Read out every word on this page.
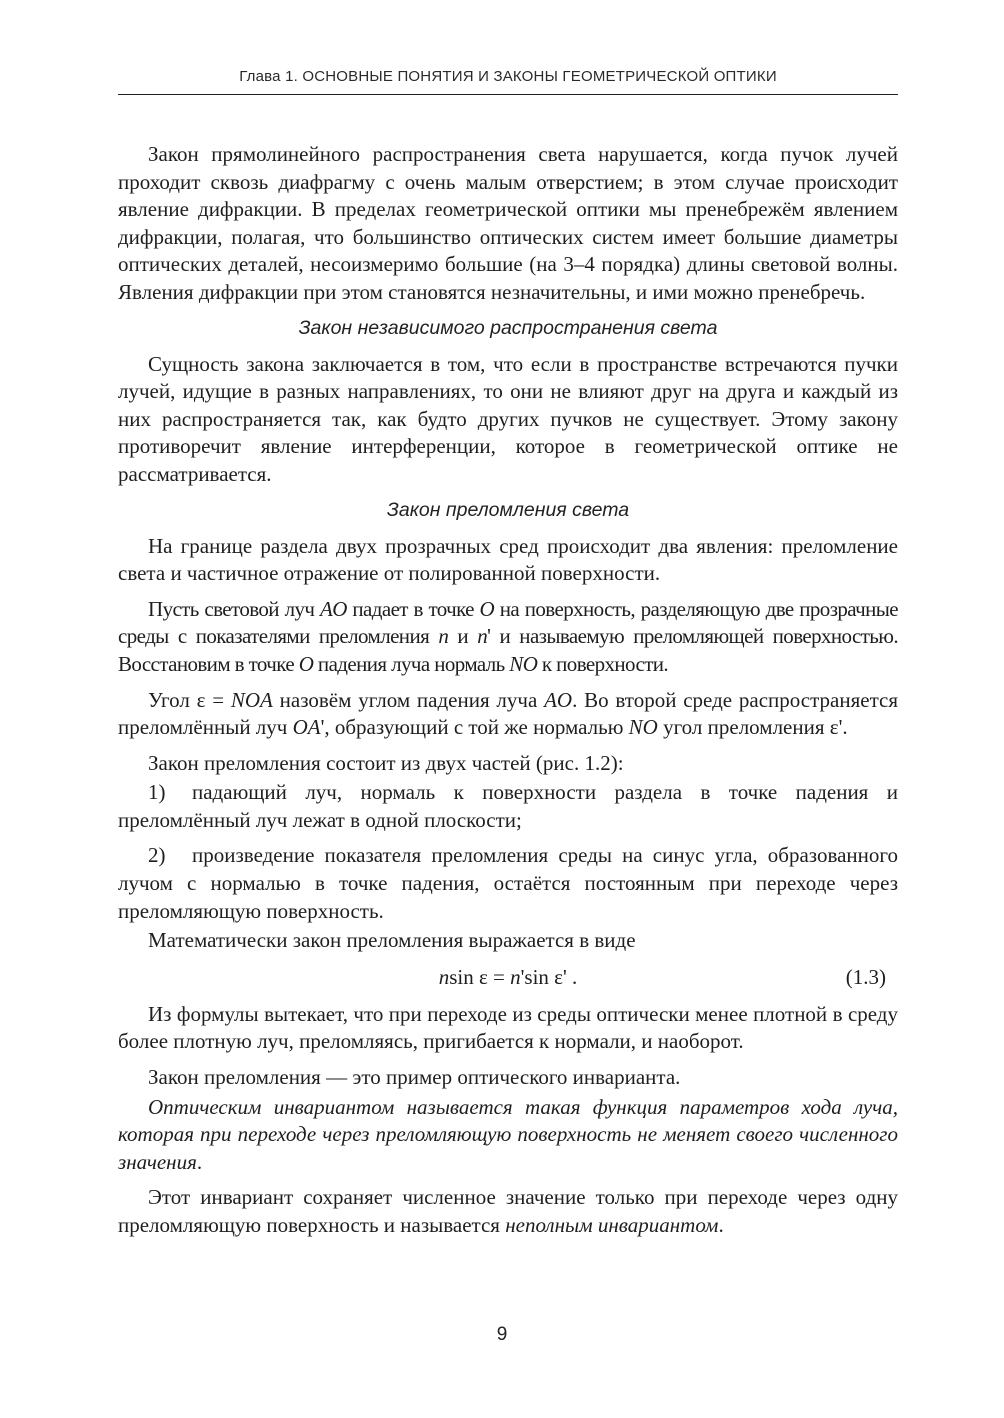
Глава 1. ОСНОВНЫЕ ПОНЯТИЯ И ЗАКОНЫ ГЕОМЕТРИЧЕСКОЙ ОПТИКИ

Закон прямолинейного распространения света нарушается, когда пучок лучей проходит сквозь диафрагму с очень малым отверстием; в этом случае происходит явление дифракции. В пределах геометрической оптики мы пренебрежём явлением дифракции, полагая, что большинство оптических систем имеет большие диаметры оптических деталей, несоизмеримо большие (на 3–4 порядка) длины световой волны. Явления дифракции при этом становятся незначительны, и ими можно пренебречь.

Закон независимого распространения света

Сущность закона заключается в том, что если в пространстве встречаются пучки лучей, идущие в разных направлениях, то они не влияют друг на друга и каждый из них распространяется так, как будто других пучков не существует. Этому закону противоречит явление интерференции, которое в геометрической оптике не рассматривается.

Закон преломления света

На границе раздела двух прозрачных сред происходит два явления: преломление света и частичное отражение от полированной поверхности.

Пусть световой луч AO падает в точке O на поверхность, разделяющую две прозрачные среды с показателями преломления n и n' и называемую преломляющей поверхностью. Восстановим в точке O падения луча нормаль NO к поверхности.

Угол ε = NOA назовём углом падения луча AO. Во второй среде распространяется преломлённый луч OA', образующий с той же нормалью NO угол преломления ε'.

Закон преломления состоит из двух частей (рис. 1.2):

1) падающий луч, нормаль к поверхности раздела в точке падения и преломлённый луч лежат в одной плоскости;

2) произведение показателя преломления среды на синус угла, образованного лучом с нормалью в точке падения, остаётся постоянным при переходе через преломляющую поверхность.

Математически закон преломления выражается в виде

nsin ε = n'sin ε' .	(1.3)

Из формулы вытекает, что при переходе из среды оптически менее плотной в среду более плотную луч, преломляясь, пригибается к нормали, и наоборот.

Закон преломления — это пример оптического инварианта.

Оптическим инвариантом называется такая функция параметров хода луча, которая при переходе через преломляющую поверхность не меняет своего численного значения.

Этот инвариант сохраняет численное значение только при переходе через одну преломляющую поверхность и называется неполным инвариантом.

9
